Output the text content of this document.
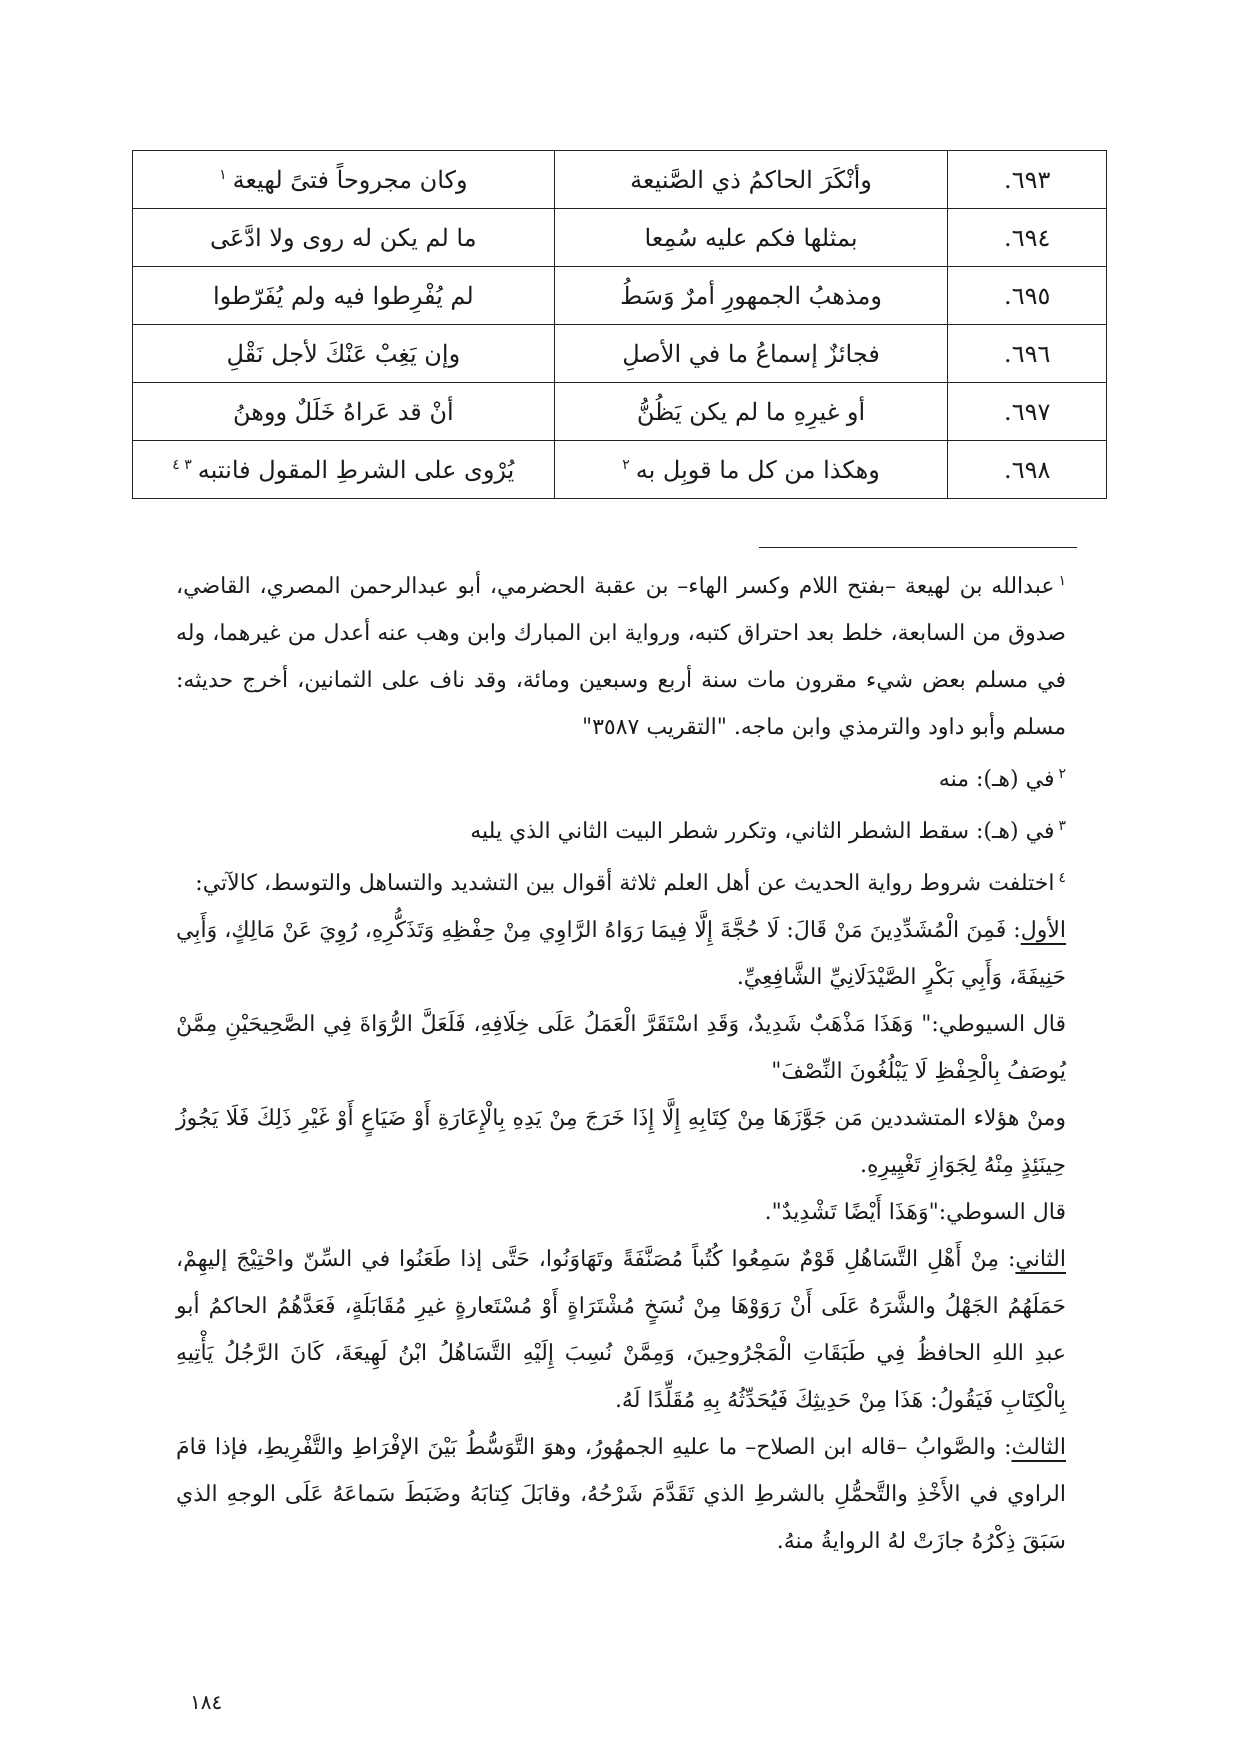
٦٩٣.	وأنْكَرَ الحاكمُ ذي الصَّنيعة	وكان مجروحاً فتىً لهيعة$^١$
٦٩٤.	بمثلها فكم عليه سُمِعا	ما لم يكن له روى ولا ادَّعَى
٦٩٥.	ومذهبُ الجمهورِ أمرٌ وَسَطُ	لم يُفْرِطوا فيه ولم يُفَرّطوا
٦٩٦.	فجائزٌ إسماعُ ما في الأصلِ	وإن يَغِبْ عَنْكَ لأجل نَقْلِ
٦٩٧.	أو غيرِهِ ما لم يكن يَظُنُّ	أنْ قد عَراهُ خَلَلٌ ووهنُ
٦٩٨.	وهكذا من كل ما قوبِل به$^٢$	يُرْوى على الشرطِ المقول فانتبه$^{٣ ٤}$

$^١$عبدالله بن لهيعة –بفتح اللام وكسر الهاء– بن عقبة الحضرمي، أبو عبدالرحمن المصري، القاضي، صدوق من السابعة، خلط بعد احتراق كتبه، ورواية ابن المبارك وابن وهب عنه أعدل من غيرهما، وله في مسلم بعض شيء مقرون مات سنة أربع وسبعين ومائة، وقد ناف على الثمانين، أخرج حديثه: مسلم وأبو داود والترمذي وابن ماجه. "التقريب ٣٥٨٧"

$^٢$في (هـ): منه

$^٣$في (هـ): سقط الشطر الثاني، وتكرر شطر البيت الثاني الذي يليه

$^٤$اختلفت شروط رواية الحديث عن أهل العلم ثلاثة أقوال بين التشديد والتساهل والتوسط، كالآتي:

الأول: فَمِنَ الْمُشَدِّدِينَ مَنْ قَالَ: لَا حُجَّةَ إِلَّا فِيمَا رَوَاهُ الرَّاوِي مِنْ حِفْظِهِ وَتَذَكُّرِهِ، رُوِيَ عَنْ مَالِكٍ، وَأَبِي حَنِيفَةَ، وَأَبِي بَكْرٍ الصَّيْدَلَانِيِّ الشَّافِعِيِّ.

قال السيوطي:" وَهَذَا مَذْهَبٌ شَدِيدٌ، وَقَدِ اسْتَقَرَّ الْعَمَلُ عَلَى خِلَافِهِ، فَلَعَلَّ الرُّوَاةَ فِي الصَّحِيحَيْنِ مِمَّنْ يُوصَفُ بِالْحِفْظِ لَا يَبْلُغُونَ النِّصْفَ"

ومنْ هؤلاء المتشددين مَن جَوَّزَهَا مِنْ كِتَابِهِ إِلَّا إِذَا خَرَجَ مِنْ يَدِهِ بِالْإِعَارَةِ أَوْ ضَيَاعٍ أَوْ غَيْرِ ذَلِكَ فَلَا يَجُوزُ حِينَئِذٍ مِنْهُ لِجَوَازِ تَغْيِيرِهِ.

قال السوطي:"وَهَذَا أَيْضًا تَشْدِيدٌ".

الثاني: مِنْ أَهْلِ التَّسَاهُلِ قَوْمٌ سَمِعُوا كُتُباً مُصَنَّفَةً وتَهَاوَنُوا، حَتَّى إذا طَعَنُوا في السِّنّ واحْتِيْجَ إليهِمْ، حَمَلَهُمُ الجَهْلُ والشَّرَهُ عَلَى أَنْ رَوَوْهَا مِنْ نُسَخٍ مُشْتَرَاةٍ أَوْ مُسْتَعارةٍ غيرِ مُقَابَلَةٍ، فَعَدَّهُمُ الحاكمُ أبو عبدِ اللهِ الحافظُ فِي طَبَقَاتِ الْمَجْرُوحِينَ، وَمِمَّنْ نُسِبَ إِلَيْهِ التَّسَاهُلُ ابْنُ لَهِيعَةَ، كَانَ الرَّجُلُ يَأْتِيهِ بِالْكِتَابِ فَيَقُولُ: هَذَا مِنْ حَدِيثِكَ فَيُحَدِّثُهُ بِهِ مُقَلِّدًا لَهُ.

الثالث: والصَّوابُ –قاله ابن الصلاح– ما عليهِ الجمهُورُ، وهوَ التَّوَسُّطُ بَيْنَ الإفْرَاطِ والتَّفْرِيطِ، فإذا قامَ الراوي في الأَخْذِ والتَّحمُّلِ بالشرطِ الذي تَقَدَّمَ شَرْحُهُ، وقابَلَ كِتابَهُ وضَبَطَ سَماعَهُ عَلَى الوجهِ الذي سَبَقَ ذِكْرُهُ جازَتْ لهُ الروايةُ منهُ.

١٨٤
